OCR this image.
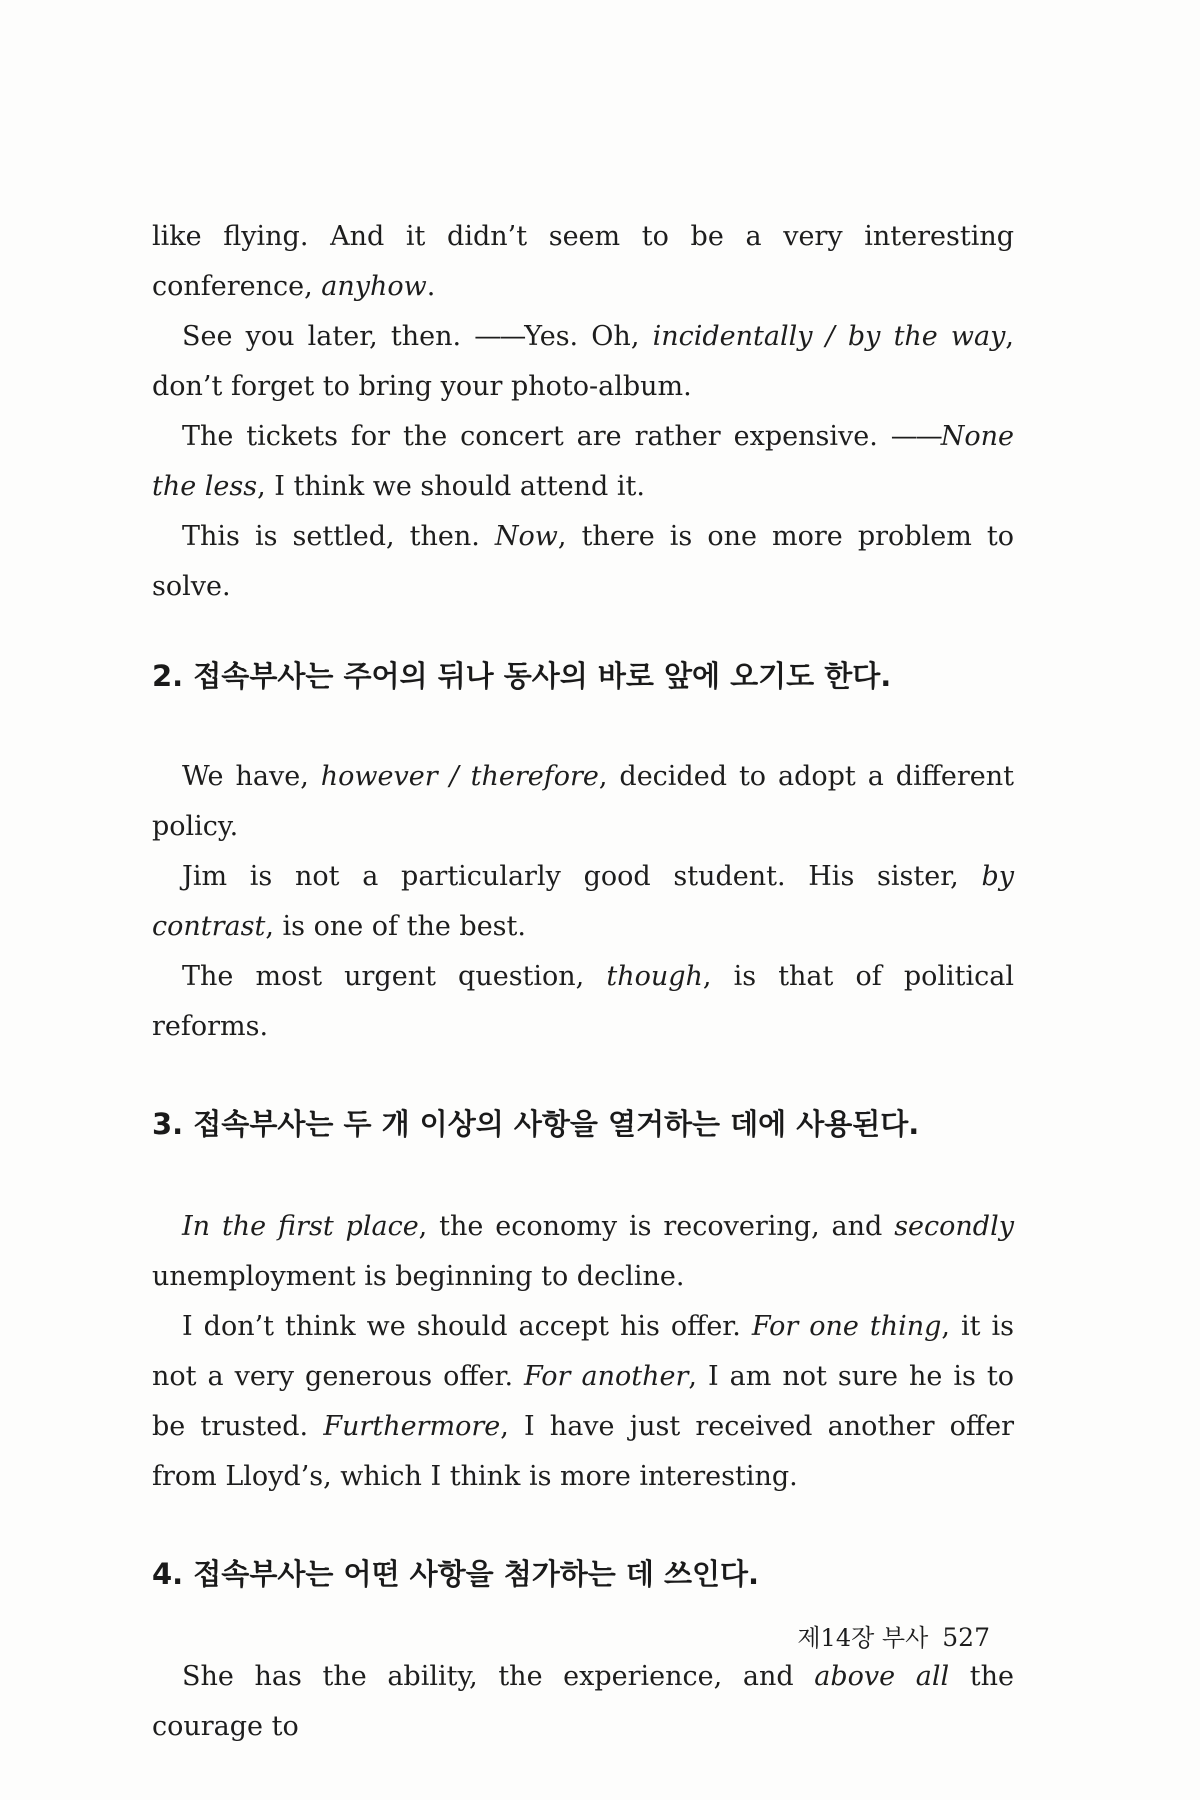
like flying. And it didn’t seem to be a very interesting conference, anyhow.

See you later, then. ——Yes. Oh, incidentally / by the way, don’t forget to bring your photo-album.

The tickets for the concert are rather expensive. ——None the less, I think we should attend it.

This is settled, then. Now, there is one more problem to solve.

2. 접속부사는 주어의 뒤나 동사의 바로 앞에 오기도 한다.

We have, however / therefore, decided to adopt a different policy.

Jim is not a particularly good student. His sister, by contrast, is one of the best.

The most urgent question, though, is that of political reforms.

3. 접속부사는 두 개 이상의 사항을 열거하는 데에 사용된다.

In the first place, the economy is recovering, and secondly unemployment is beginning to decline.

I don’t think we should accept his offer. For one thing, it is not a very generous offer. For another, I am not sure he is to be trusted. Furthermore, I have just received another offer from Lloyd’s, which I think is more interesting.

4. 접속부사는 어떤 사항을 첨가하는 데 쓰인다.

She has the ability, the experience, and above all the courage to

제14장 부사 527
